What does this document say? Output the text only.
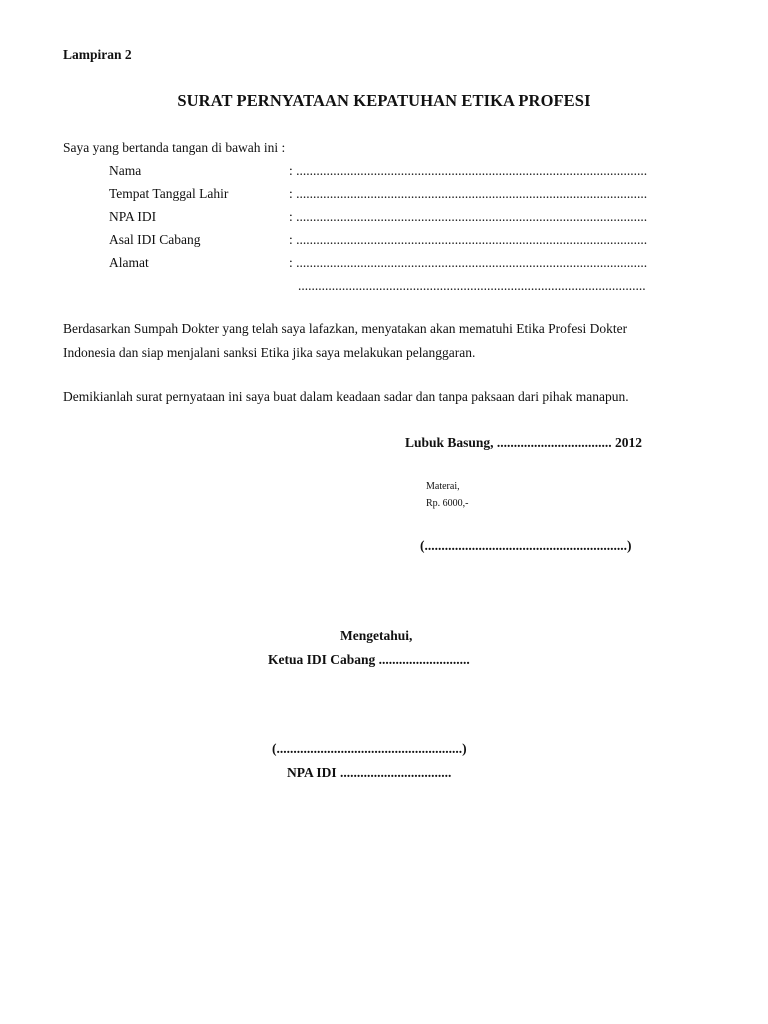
Lampiran 2
SURAT PERNYATAAN KEPATUHAN ETIKA PROFESI
Saya yang bertanda tangan di bawah ini :
Nama	: ........................................................................................................
Tempat Tanggal Lahir	: ........................................................................................................
NPA IDI	: ........................................................................................................
Asal IDI Cabang	: ........................................................................................................
Alamat	: ........................................................................................................
.......................................................................................................
Berdasarkan Sumpah Dokter yang telah saya lafazkan, menyatakan akan mematuhi Etika Profesi Dokter
Indonesia dan siap menjalani sanksi Etika jika saya melakukan pelanggaran.
Demikianlah surat pernyataan ini saya buat dalam keadaan sadar dan tanpa paksaan dari pihak manapun.
Lubuk Basung, .................................. 2012
Materai,
Rp. 6000,-
(............................................................)
Mengetahui,
Ketua IDI Cabang ...........................
(.......................................................)
NPA IDI .................................
